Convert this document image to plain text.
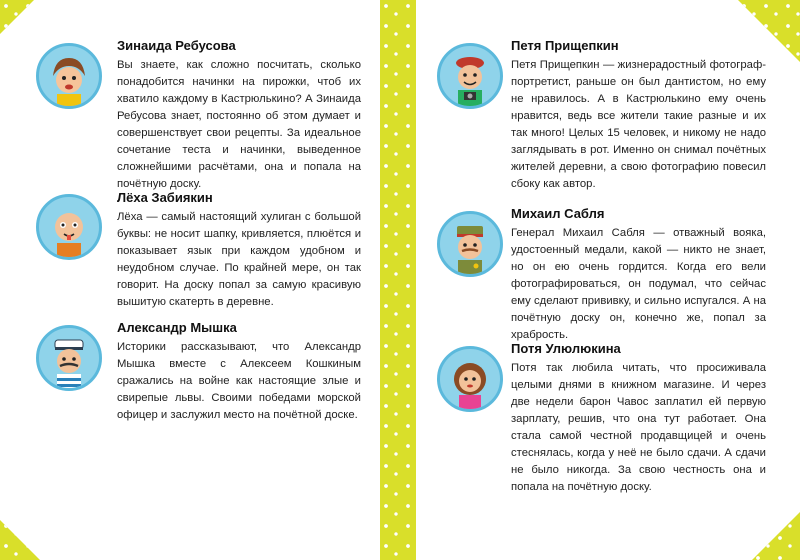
Зинаида Ребусова
Вы знаете, как сложно посчитать, сколько понадобится начинки на пирожки, чтоб их хватило каждому в Кастрюлькино? А Зинаида Ребусова знает, постоянно об этом думает и совершенствует свои рецепты. За идеальное сочетание теста и начинки, выведенное сложнейшими расчётами, она и попала на почётную доску.
Лёха Забиякин
Лёха — самый настоящий хулиган с большой буквы: не носит шапку, кривляется, плюётся и показывает язык при каждом удобном и неудобном случае. По крайней мере, он так говорит. На доску попал за самую красивую вышитую скатерть в деревне.
Александр Мышка
Историки рассказывают, что Александр Мышка вместе с Алексеем Кошкиным сражались на войне как настоящие злые и свирепые львы. Своими победами морской офицер и заслужил место на почётной доске.
Петя Прищепкин
Петя Прищепкин — жизнерадостный фотограф-портретист, раньше он был дантистом, но ему не нравилось. А в Кастрюлькино ему очень нравится, ведь все жители такие разные и их так много! Целых 15 человек, и никому не надо заглядывать в рот. Именно он снимал почётных жителей деревни, а свою фотографию повесил сбоку как автор.
Михаил Сабля
Генерал Михаил Сабля — отважный вояка, удостоенный медали, какой — никто не знает, но он ею очень гордится. Когда его вели фотографироваться, он подумал, что сейчас ему сделают прививку, и сильно испугался. А на почётную доску он, конечно же, попал за храбрость.
Потя Улюлюкина
Потя так любила читать, что просиживала целыми днями в книжном магазине. И через две недели барон Чавос заплатил ей первую зарплату, решив, что она тут работает. Она стала самой честной продавщицей и очень стеснялась, когда у неё не было сдачи. А сдачи не было никогда. За свою честность она и попала на почётную доску.
